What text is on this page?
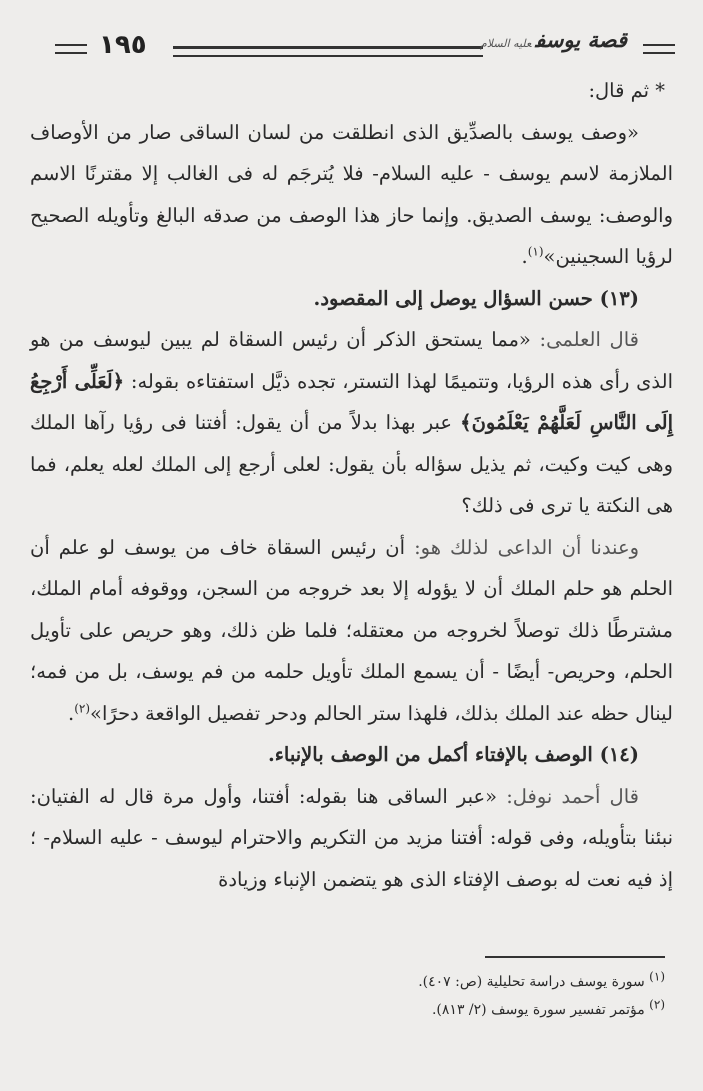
١٩٥	قصة يوسفعليه السلام

* ثم قال:

«وصف يوسف بالصدِّيق الذى انطلقت من لسان الساقى صار من الأوصاف الملازمة لاسم يوسف - عليه السلام- فلا يُترجَم له فى الغالب إلا مقترنًا الاسم والوصف: يوسف الصديق. وإنما حاز هذا الوصف من صدقه البالغ وتأويله الصحيح لرؤيا السجينين»$^{(١)}$.

(١٣) حسن السؤال يوصل إلى المقصود.

قال العلمى: «مما يستحق الذكر أن رئيس السقاة لم يبين ليوسف من هو الذى رأى هذه الرؤيا، وتتميمًا لهذا التستر، تجده ذيَّل استفتاءه بقوله: ﴿لَعَلِّى أَرْجِعُ إِلَى النَّاسِ لَعَلَّهُمْ يَعْلَمُونَ﴾ عبر بهذا بدلاً من أن يقول: أفتنا فى رؤيا رآها الملك وهى كيت وكيت، ثم يذيل سؤاله بأن يقول: لعلى أرجع إلى الملك لعله يعلم، فما هى النكتة يا ترى فى ذلك؟

وعندنا أن الداعى لذلك هو: أن رئيس السقاة خاف من يوسف لو علم أن الحلم هو حلم الملك أن لا يؤوله إلا بعد خروجه من السجن، ووقوفه أمام الملك، مشترطًا ذلك توصلاً لخروجه من معتقله؛ فلما ظن ذلك، وهو حريص على تأويل الحلم، وحريص- أيضًا - أن يسمع الملك تأويل حلمه من فم يوسف، بل من فمه؛ لينال حظه عند الملك بذلك، فلهذا ستر الحالم ودحر تفصيل الواقعة دحرًا»$^{(٢)}$.

(١٤) الوصف بالإفتاء أكمل من الوصف بالإنباء.

قال أحمد نوفل: «عبر الساقى هنا بقوله: أفتنا، وأول مرة قال له الفتيان: نبئنا بتأويله، وفى قوله: أفتنا مزيد من التكريم والاحترام ليوسف - عليه السلام- ؛ إذ فيه نعت له بوصف الإفتاء الذى هو يتضمن الإنباء وزيادة

$^{(١)}$ سورة يوسف دراسة تحليلية (ص: ٤٠٧).

$^{(٢)}$ مؤتمر تفسير سورة يوسف (٢/ ٨١٣).
